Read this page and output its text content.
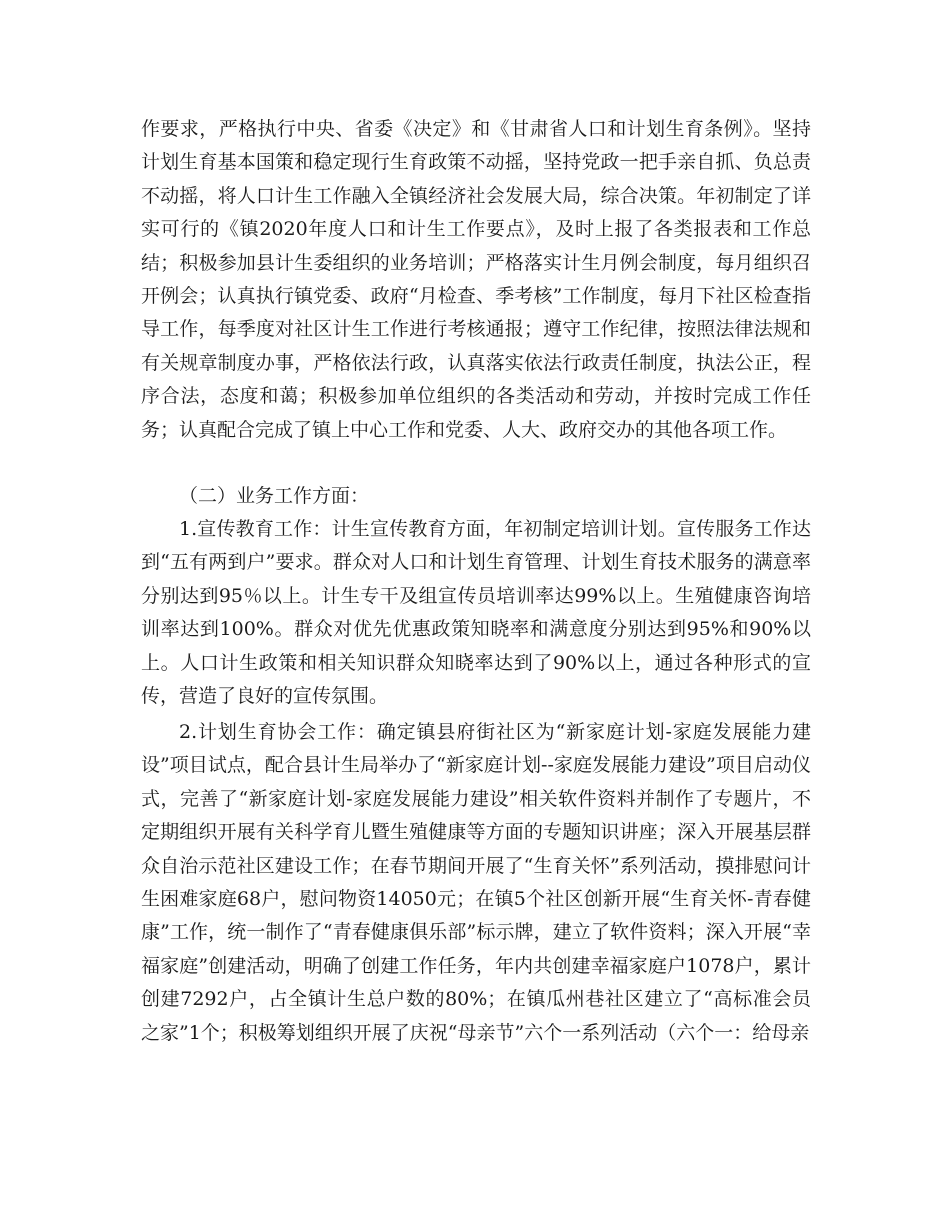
作要求，严格执行中央、省委《决定》和《甘肃省人口和计划生育条例》。坚持计划生育基本国策和稳定现行生育政策不动摇，坚持党政一把手亲自抓、负总责不动摇，将人口计生工作融入全镇经济社会发展大局，综合决策。年初制定了详实可行的《镇2020年度人口和计生工作要点》，及时上报了各类报表和工作总结；积极参加县计生委组织的业务培训；严格落实计生月例会制度，每月组织召开例会；认真执行镇党委、政府“月检查、季考核”工作制度，每月下社区检查指导工作，每季度对社区计生工作进行考核通报；遵守工作纪律，按照法律法规和有关规章制度办事，严格依法行政，认真落实依法行政责任制度，执法公正，程序合法，态度和蔼；积极参加单位组织的各类活动和劳动，并按时完成工作任务；认真配合完成了镇上中心工作和党委、人大、政府交办的其他各项工作。

（二）业务工作方面：

1.宣传教育工作：计生宣传教育方面，年初制定培训计划。宣传服务工作达到“五有两到户”要求。群众对人口和计划生育管理、计划生育技术服务的满意率分别达到95％以上。计生专干及组宣传员培训率达99%以上。生殖健康咨询培训率达到100%。群众对优先优惠政策知晓率和满意度分别达到95%和90%以上。人口计生政策和相关知识群众知晓率达到了90%以上，通过各种形式的宣传，营造了良好的宣传氛围。

2.计划生育协会工作：确定镇县府街社区为“新家庭计划-家庭发展能力建设”项目试点，配合县计生局举办了“新家庭计划--家庭发展能力建设”项目启动仪式，完善了“新家庭计划-家庭发展能力建设”相关软件资料并制作了专题片，不定期组织开展有关科学育儿暨生殖健康等方面的专题知识讲座；深入开展基层群众自治示范社区建设工作；在春节期间开展了“生育关怀”系列活动，摸排慰问计生困难家庭68户，慰问物资14050元；在镇5个社区创新开展“生育关怀-青春健康”工作，统一制作了“青春健康俱乐部”标示牌，建立了软件资料；深入开展“幸福家庭”创建活动，明确了创建工作任务，年内共创建幸福家庭户1078户，累计创建7292户，占全镇计生总户数的80%；在镇瓜州巷社区建立了“高标准会员之家”1个；积极筹划组织开展了庆祝“母亲节”六个一系列活动（六个一：给母亲
